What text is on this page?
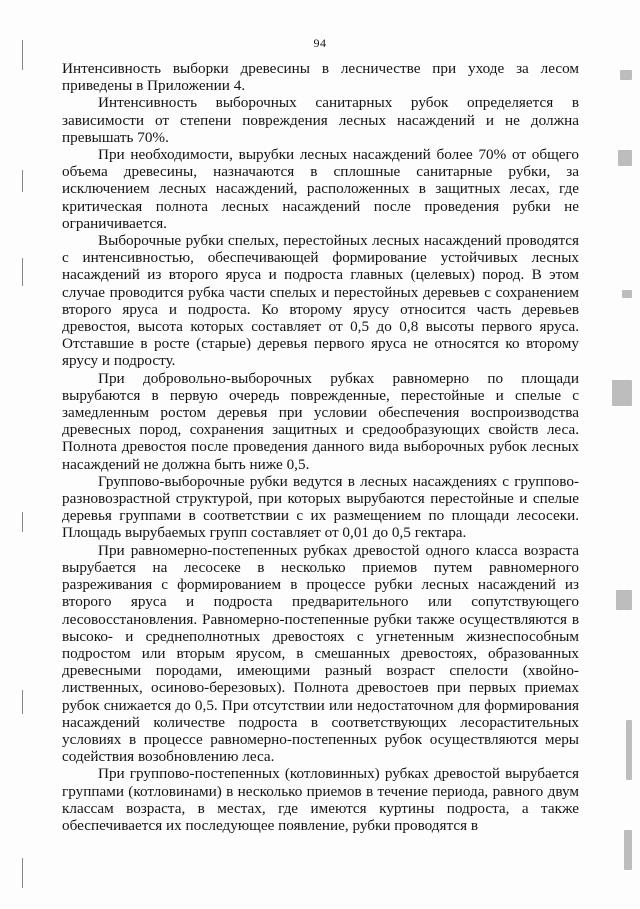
94

Интенсивность выборки древесины в лесничестве при уходе за лесом приведены в Приложении 4.

Интенсивность выборочных санитарных рубок определяется в зависимости от степени повреждения лесных насаждений и не должна превышать 70%.

При необходимости, вырубки лесных насаждений более 70% от общего объема древесины, назначаются в сплошные санитарные рубки, за исключением лесных насаждений, расположенных в защитных лесах, где критическая полнота лесных насаждений после проведения рубки не ограничивается.

Выборочные рубки спелых, перестойных лесных насаждений проводятся с интенсивностью, обеспечивающей формирование устойчивых лесных насаждений из второго яруса и подроста главных (целевых) пород. В этом случае проводится рубка части спелых и перестойных деревьев с сохранением второго яруса и подроста. Ко второму ярусу относится часть деревьев древостоя, высота которых составляет от 0,5 до 0,8 высоты первого яруса. Отставшие в росте (старые) деревья первого яруса не относятся ко второму ярусу и подросту.

При добровольно-выборочных рубках равномерно по площади вырубаются в первую очередь поврежденные, перестойные и спелые с замедленным ростом деревья при условии обеспечения воспроизводства древесных пород, сохранения защитных и средообразующих свойств леса. Полнота древостоя после проведения данного вида выборочных рубок лесных насаждений не должна быть ниже 0,5.

Группово-выборочные рубки ведутся в лесных насаждениях с группово-разновозрастной структурой, при которых вырубаются перестойные и спелые деревья группами в соответствии с их размещением по площади лесосеки. Площадь вырубаемых групп составляет от 0,01 до 0,5 гектара.

При равномерно-постепенных рубках древостой одного класса возраста вырубается на лесосеке в несколько приемов путем равномерного разреживания с формированием в процессе рубки лесных насаждений из второго яруса и подроста предварительного или сопутствующего лесовосстановления. Равномерно-постепенные рубки также осуществляются в высоко- и среднеполнотных древостоях с угнетенным жизнеспособным подростом или вторым ярусом, в смешанных древостоях, образованных древесными породами, имеющими разный возраст спелости (хвойно-лиственных, осиново-березовых). Полнота древостоев при первых приемах рубок снижается до 0,5. При отсутствии или недостаточном для формирования насаждений количестве подроста в соответствующих лесорастительных условиях в процессе равномерно-постепенных рубок осуществляются меры содействия возобновлению леса.

При группово-постепенных (котловинных) рубках древостой вырубается группами (котловинами) в несколько приемов в течение периода, равного двум классам возраста, в местах, где имеются куртины подроста, а также обеспечивается их последующее появление, рубки проводятся в
